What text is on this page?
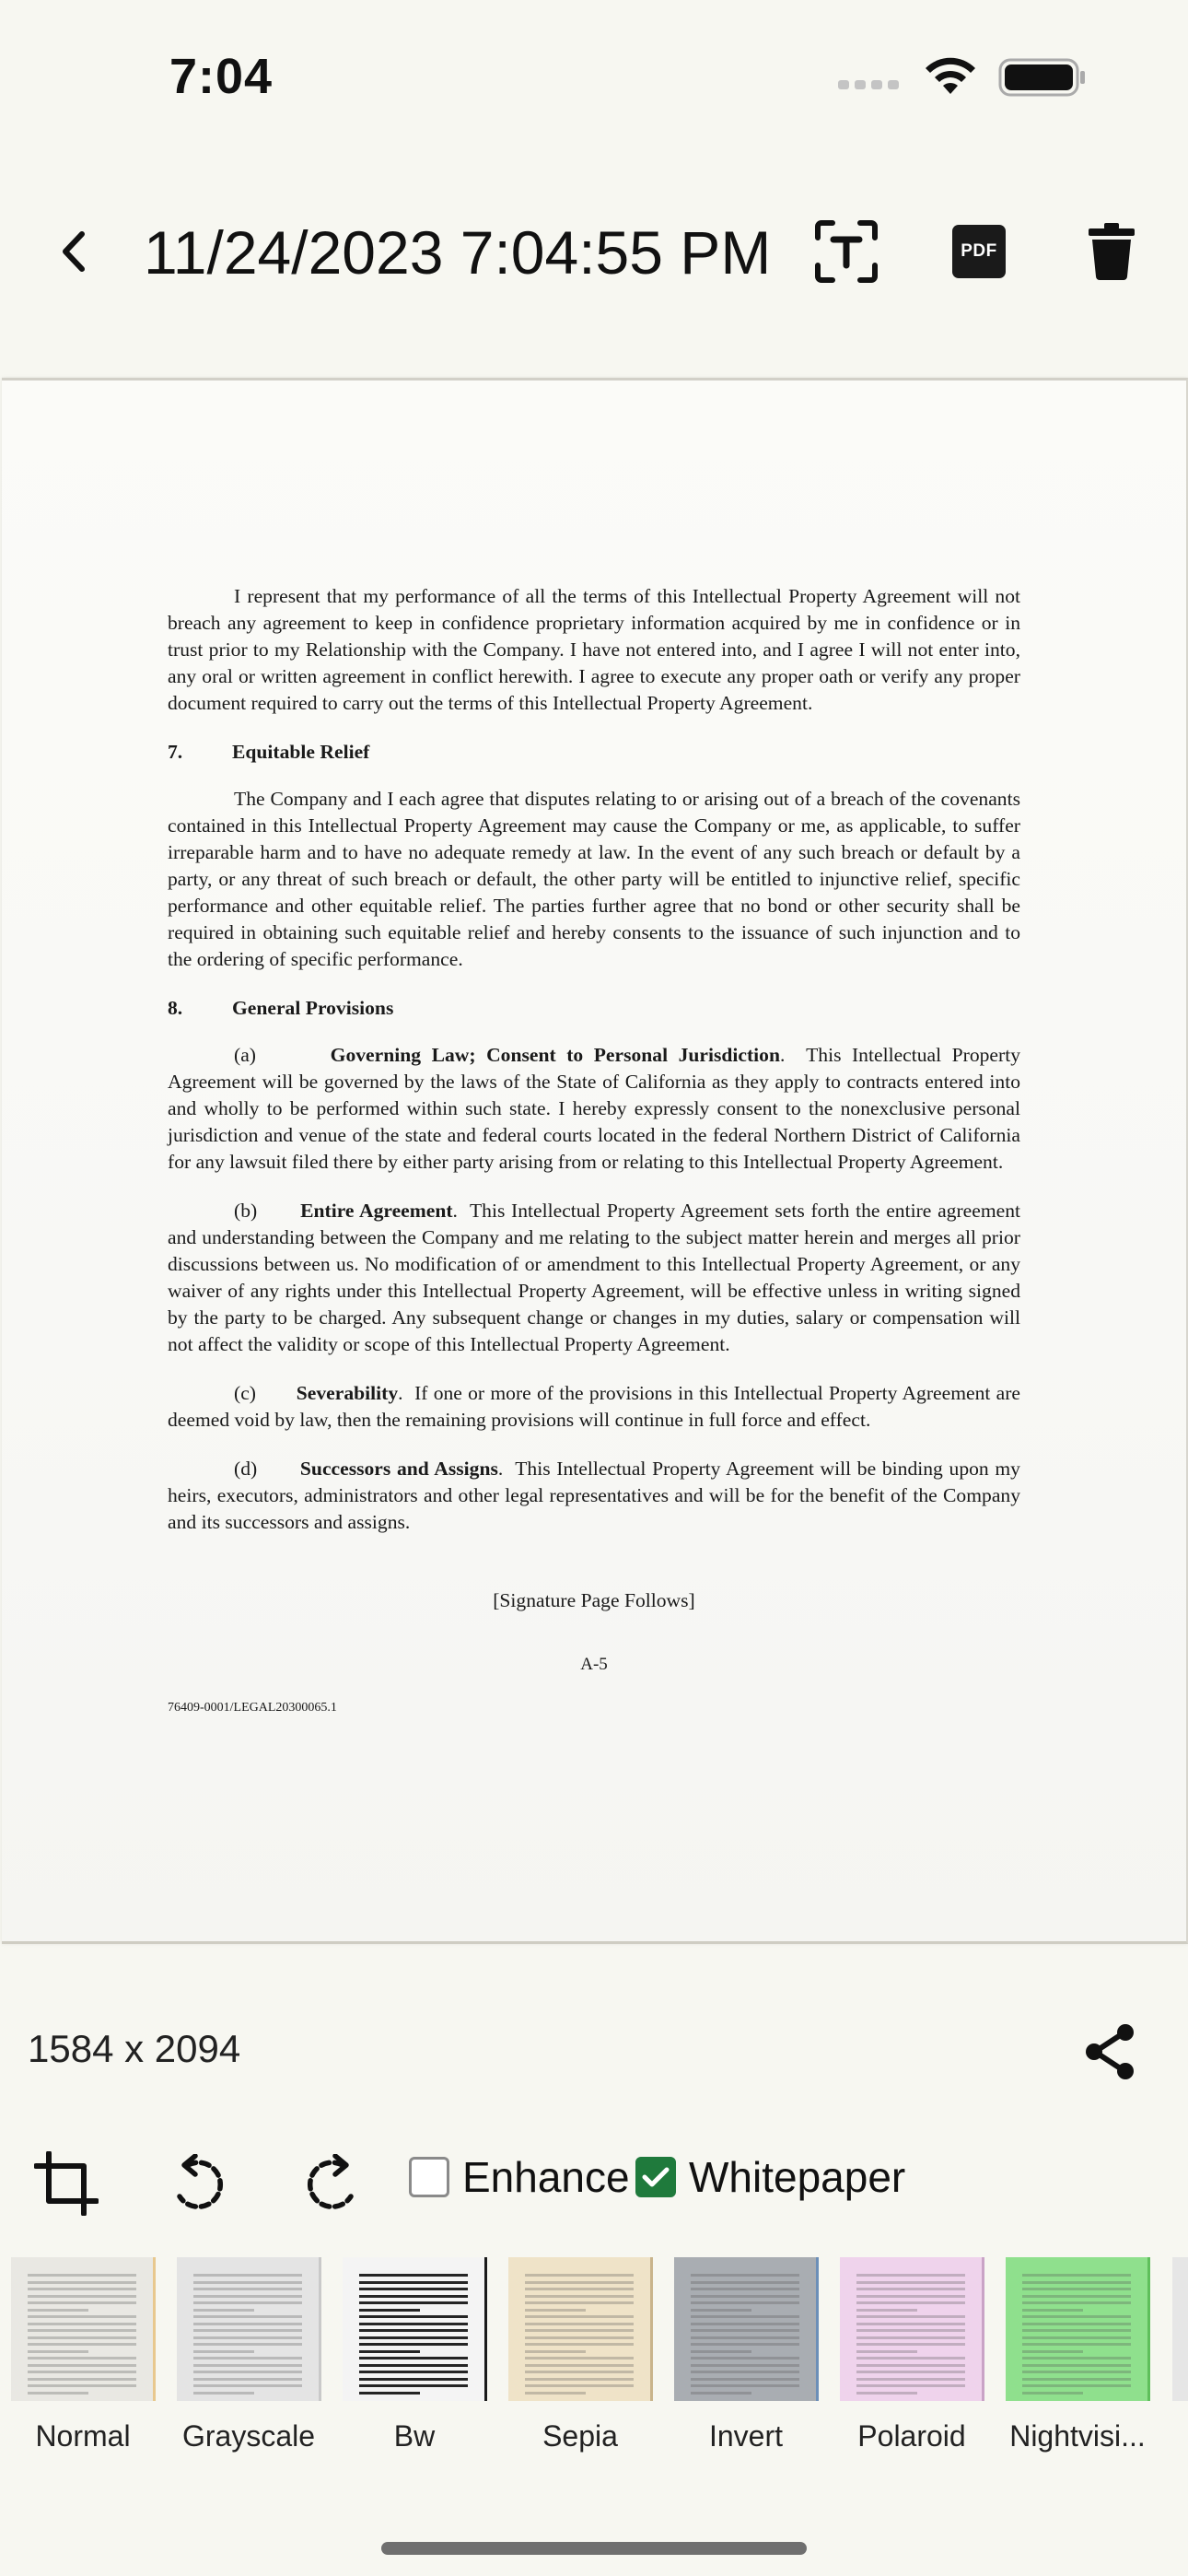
7:04
11/24/2023 7:04:55 PM	PDF

I represent that my performance of all the terms of this Intellectual Property Agreement will not breach any agreement to keep in confidence proprietary information acquired by me in confidence or in trust prior to my Relationship with the Company. I have not entered into, and I agree I will not enter into, any oral or written agreement in conflict herewith. I agree to execute any proper oath or verify any proper document required to carry out the terms of this Intellectual Property Agreement.

7. Equitable Relief

The Company and I each agree that disputes relating to or arising out of a breach of the covenants contained in this Intellectual Property Agreement may cause the Company or me, as applicable, to suffer irreparable harm and to have no adequate remedy at law. In the event of any such breach or default by a party, or any threat of such breach or default, the other party will be entitled to injunctive relief, specific performance and other equitable relief. The parties further agree that no bond or other security shall be required in obtaining such equitable relief and hereby consents to the issuance of such injunction and to the ordering of specific performance.

8. General Provisions

(a)	Governing Law; Consent to Personal Jurisdiction.  This Intellectual Property Agreement will be governed by the laws of the State of California as they apply to contracts entered into and wholly to be performed within such state. I hereby expressly consent to the nonexclusive personal jurisdiction and venue of the state and federal courts located in the federal Northern District of California for any lawsuit filed there by either party arising from or relating to this Intellectual Property Agreement.

(b) Entire Agreement.  This Intellectual Property Agreement sets forth the entire agreement and understanding between the Company and me relating to the subject matter herein and merges all prior discussions between us. No modification of or amendment to this Intellectual Property Agreement, or any waiver of any rights under this Intellectual Property Agreement, will be effective unless in writing signed by the party to be charged. Any subsequent change or changes in my duties, salary or compensation will not affect the validity or scope of this Intellectual Property Agreement.

(c) Severability.  If one or more of the provisions in this Intellectual Property Agreement are deemed void by law, then the remaining provisions will continue in full force and effect.

(d) Successors and Assigns.  This Intellectual Property Agreement will be binding upon my heirs, executors, administrators and other legal representatives and will be for the benefit of the Company and its successors and assigns.

[Signature Page Follows]

A-5

76409-0001/LEGAL20300065.1

1584 x 2094
Enhance Whitepaper
Normal	Grayscale	Bw	Sepia	Invert	Polaroid	Nightvisi...
